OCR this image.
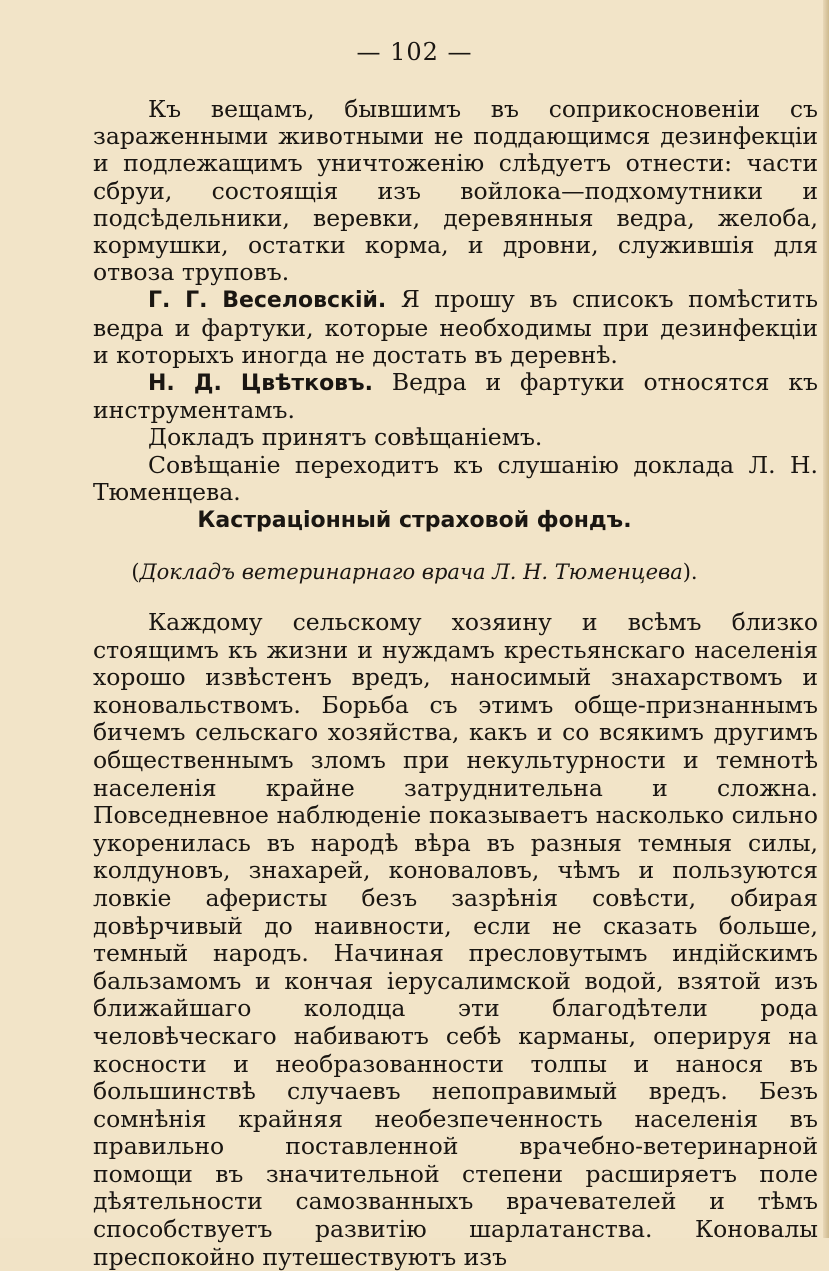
— 102 —

Къ вещамъ, бывшимъ въ соприкосновенiи съ зараженными животными не поддающимся дезинфекцiи и подлежащимъ уничтоженiю слѣдуетъ отнести: части сбруи, состоящiя изъ войлока—подхомутники и подсѣдельники, веревки, деревянныя ведра, желоба, кормушки, остатки корма, и дровни, служившiя для отвоза труповъ.

Г. Г. Веселовскiй. Я прошу въ списокъ помѣстить ведра и фартуки, которые необходимы при дезинфекцiи и которыхъ иногда не достать въ деревнѣ.

Н. Д. Цвѣтковъ. Ведра и фартуки относятся къ инструментамъ.

Докладъ принятъ совѣщанiемъ.

Совѣщанiе переходитъ къ слушанiю доклада Л. Н. Тюменцева.

Кастрацiонный страховой фондъ.
(Докладъ ветеринарнаго врача Л. Н. Тюменцева).

Каждому сельскому хозяину и всѣмъ близко стоящимъ къ жизни и нуждамъ крестьянскаго населенiя хорошо извѣстенъ вредъ, наносимый знахарствомъ и коновальствомъ. Борьба съ этимъ обще-признаннымъ бичемъ сельскаго хозяйства, какъ и со всякимъ другимъ общественнымъ зломъ при некультурности и темнотѣ населенiя крайне затруднительна и сложна. Повседневное наблюденiе показываетъ насколько сильно укоренилась въ народѣ вѣра въ разныя темныя силы, колдуновъ, знахарей, коноваловъ, чѣмъ и пользуются ловкiе аферисты безъ зазрѣнiя совѣсти, обирая довѣрчивый до наивности, если не сказать больше, темный народъ. Начиная пресловутымъ индiйскимъ бальзамомъ и кончая iерусалимской водой, взятой изъ ближайшаго колодца эти благодѣтели рода человѣческаго набиваютъ себѣ карманы, оперируя на косности и необразованности толпы и нанося въ большинствѣ случаевъ непоправимый вредъ. Безъ сомнѣнiя крайняя необезпеченность населенiя въ правильно поставленной врачебно-ветеринарной помощи въ значительной степени расширяетъ поле дѣятельности самозванныхъ врачевателей и тѣмъ способствуетъ развитiю шарлатанства. Коновалы преспокойно путешествуютъ изъ
